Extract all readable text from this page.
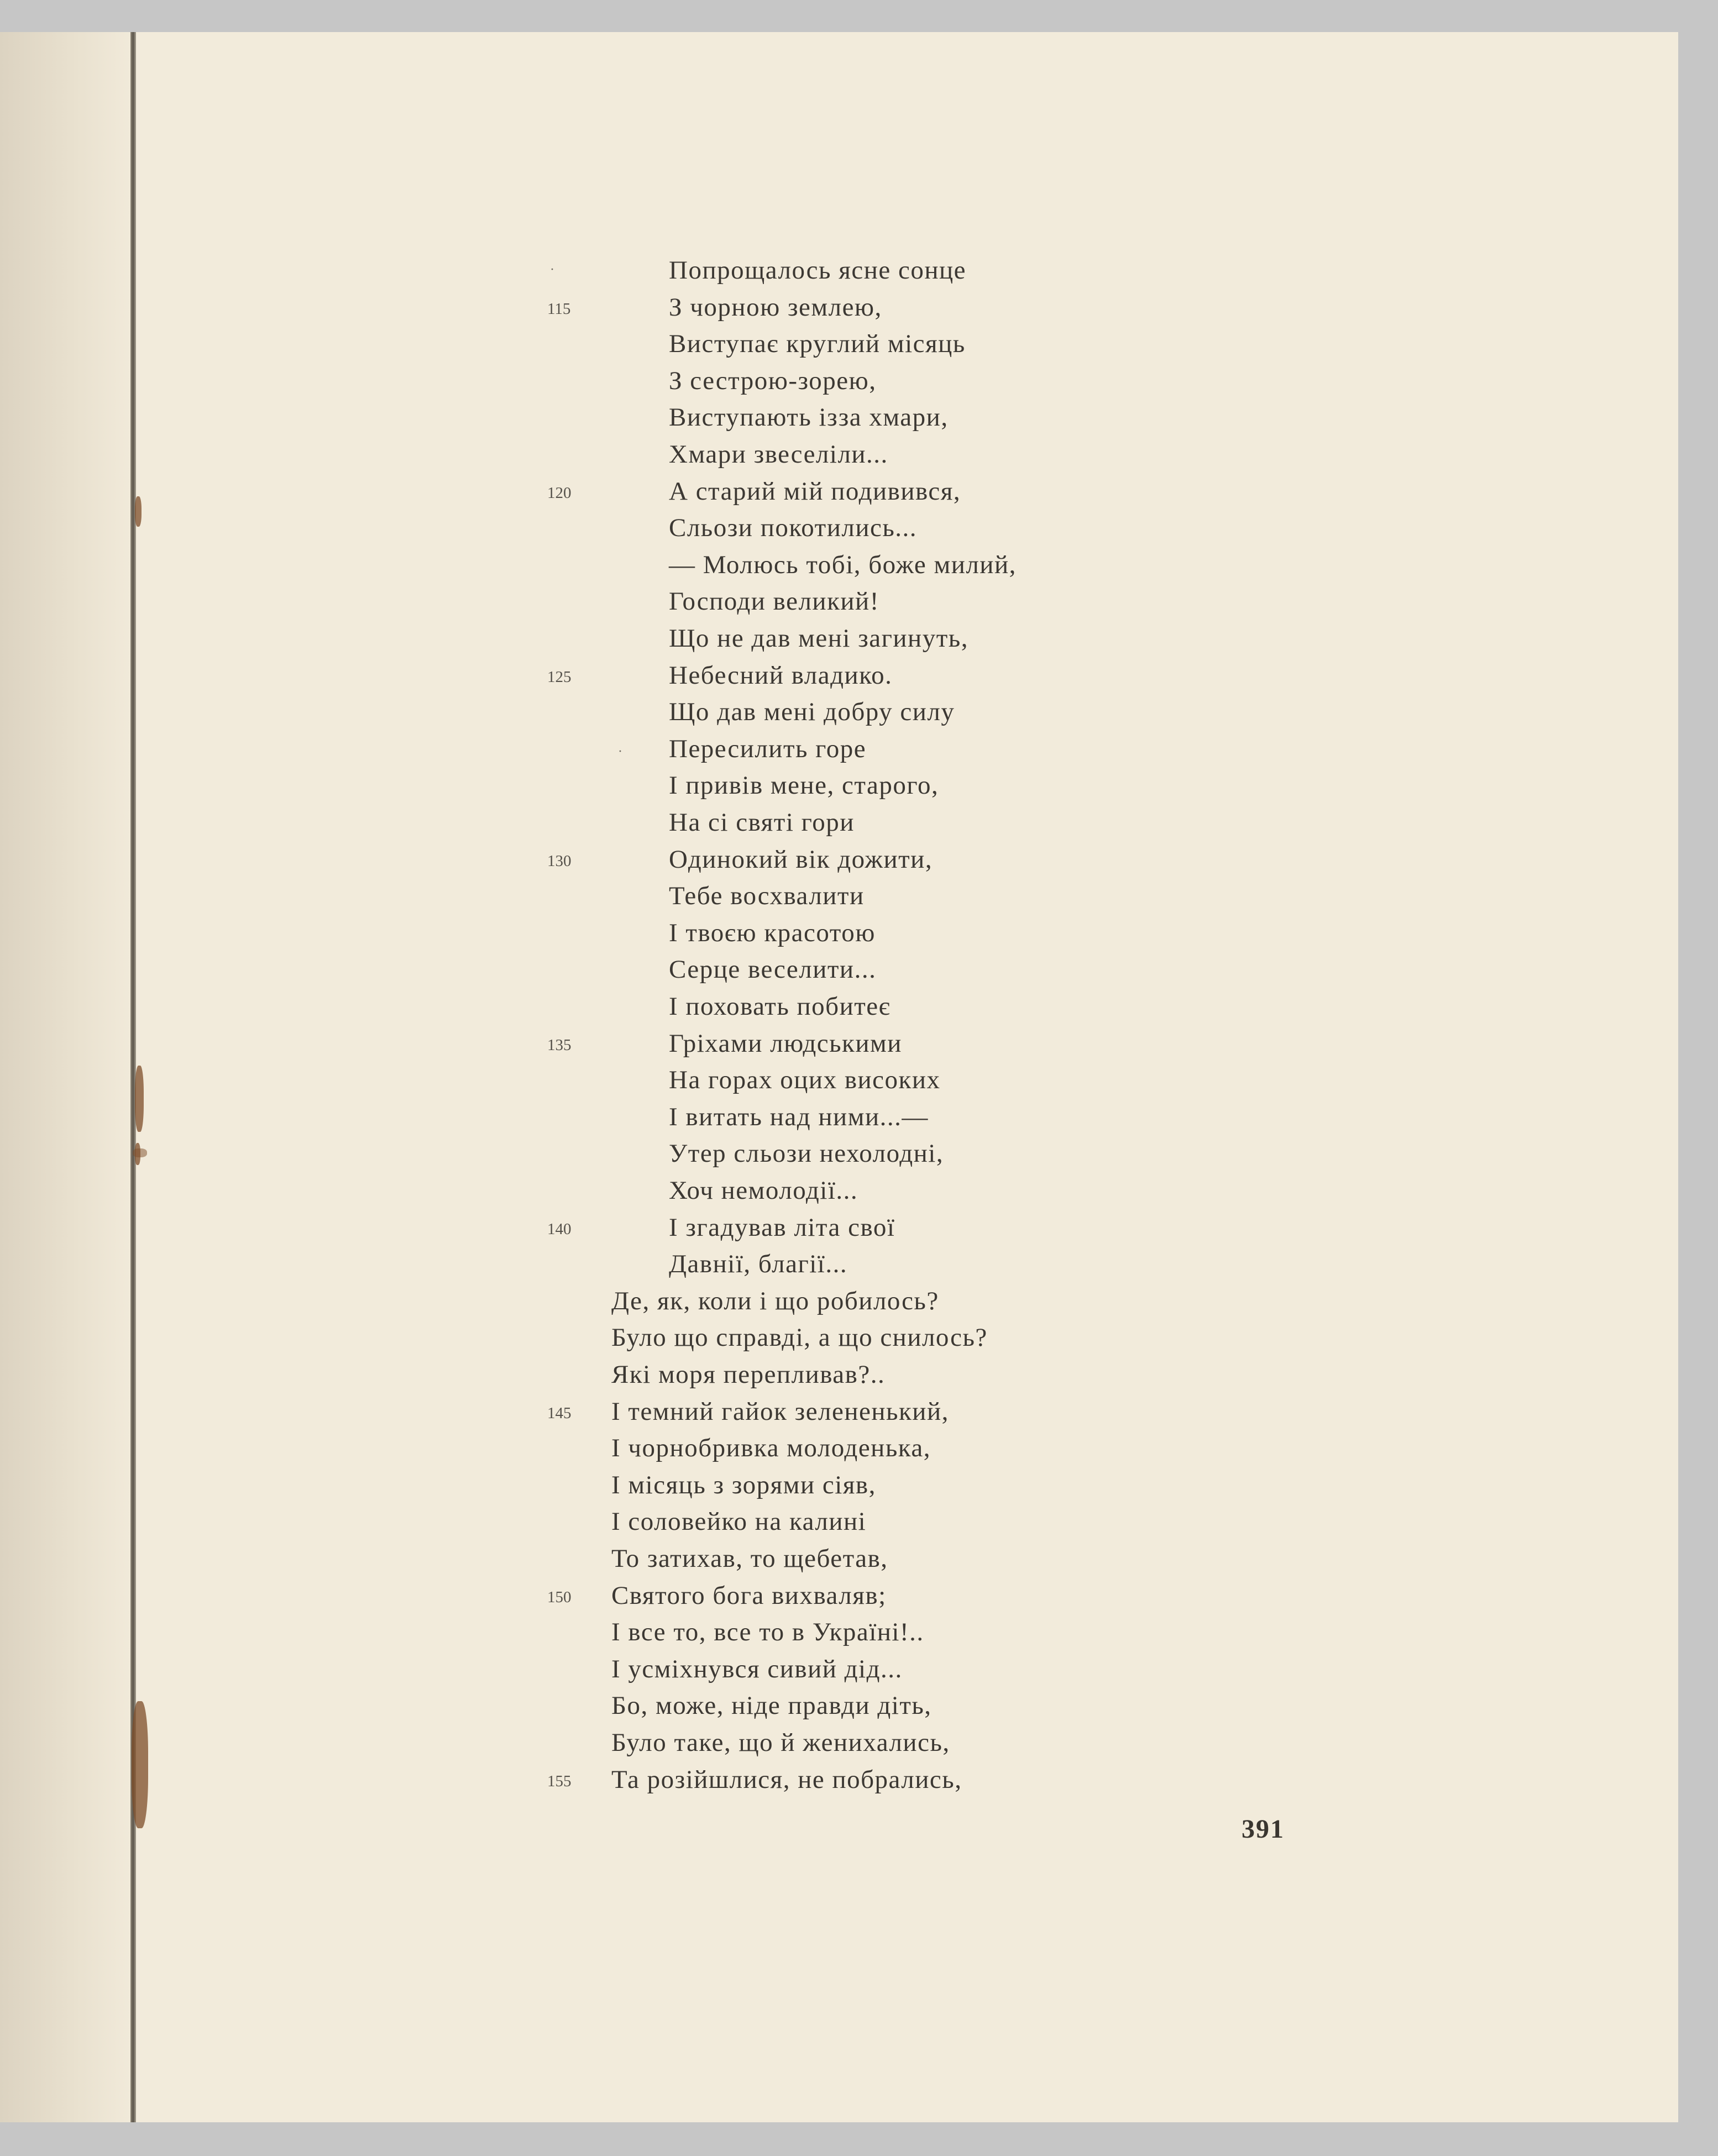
Попрощалось ясне сонце
З чорною землею,
Виступає круглий місяць
З сестрою-зорею,
Виступають ізза хмари,
Хмари звеселіли...
А старий мій подивився,
Сльози покотились...
— Молюсь тобі, боже милий,
Господи великий!
Що не дав мені загинуть,
Небесний владико.
Що дав мені добру силу
Пересилить горе
І привів мене, старого,
На сі святі гори
Одинокий вік дожити,
Тебе восхвалити
І твоєю красотою
Серце веселити...
І поховать побитеє
Гріхами людськими
На горах оцих високих
І витать над ними...—
Утер сльози нехолодні,
Хоч немолодії...
І згадував літа свої
Давнії, благії...
Де, як, коли і що робилось?
Було що справді, а що снилось?
Які моря перепливав?..
І темний гайок зелененький,
І чорнобривка молоденька,
І місяць з зорями сіяв,
І соловейко на калині
То затихав, то щебетав,
Святого бога вихваляв;
І все то, все то в Україні!..
І усміхнувся сивий дід...
Бо, може, ніде правди діть,
Було таке, що й женихались,
Та розійшлися, не побрались,
115
120
125
130
135
140
145
150
155
·
·
391
